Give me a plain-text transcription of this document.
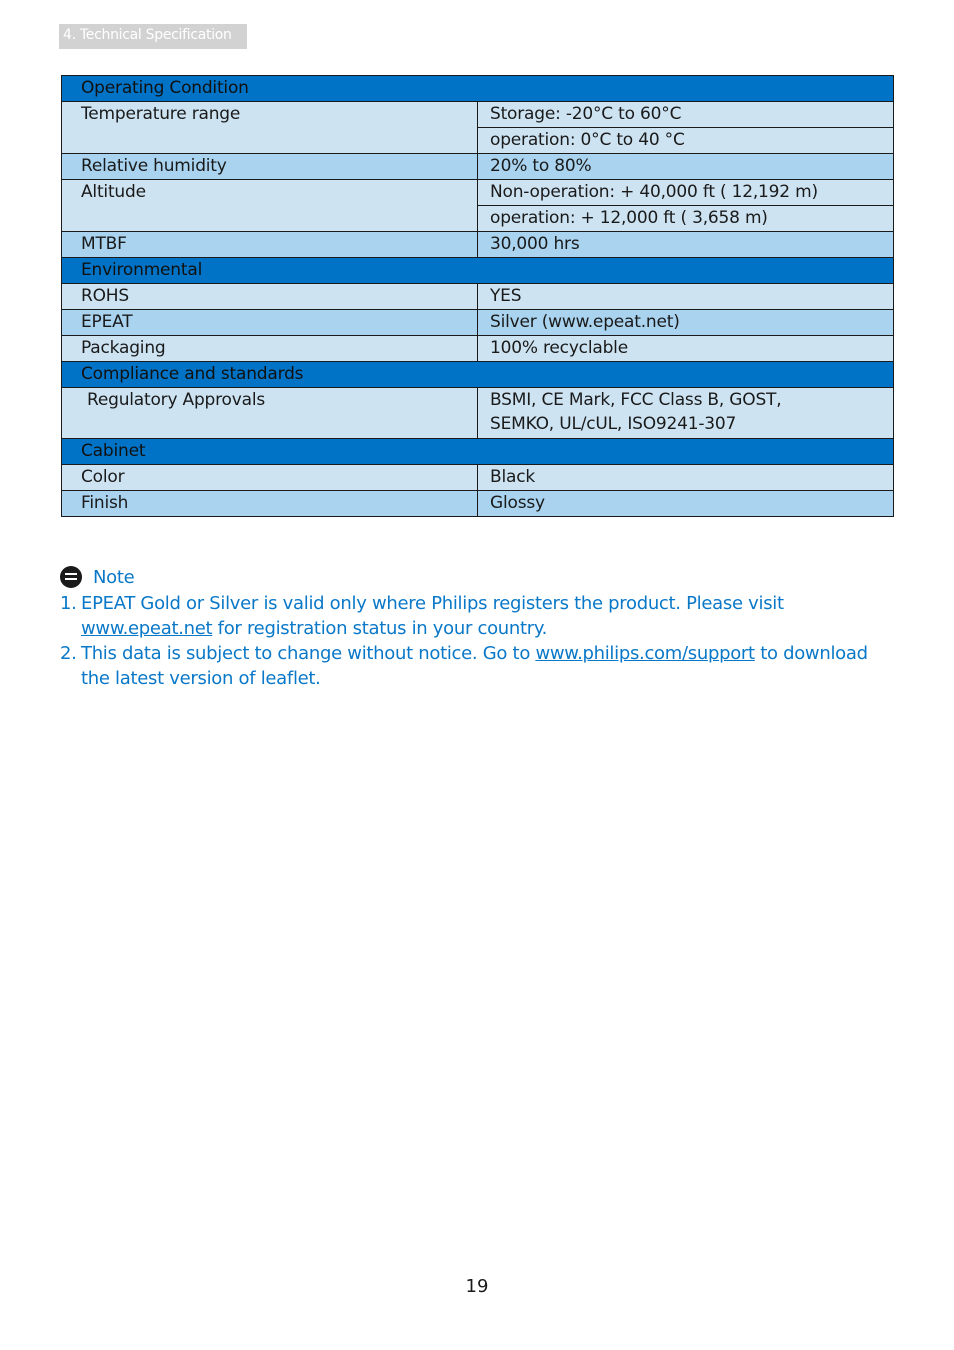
4. Technical Specification
Operating Condition	
Temperature range	Storage: -20°C to 60°C
	operation: 0°C to 40 °C
Relative humidity	20% to 80%
Altitude	Non-operation: + 40,000 ft ( 12,192 m)
	operation: + 12,000 ft ( 3,658 m)
MTBF	30,000 hrs
Environmental	
ROHS	YES
EPEAT	Silver (www.epeat.net)
Packaging	100% recyclable
Compliance and standards	
Regulatory Approvals	BSMI, CE Mark, FCC Class B, GOST, SEMKO, UL/cUL, ISO9241-307
Cabinet	
Color	Black
Finish	Glossy
Note
1. EPEAT Gold or Silver is valid only where Philips registers the product. Please visit www.epeat.net for registration status in your country.
2. This data is subject to change without notice. Go to www.philips.com/support to download the latest version of leaflet.
19
